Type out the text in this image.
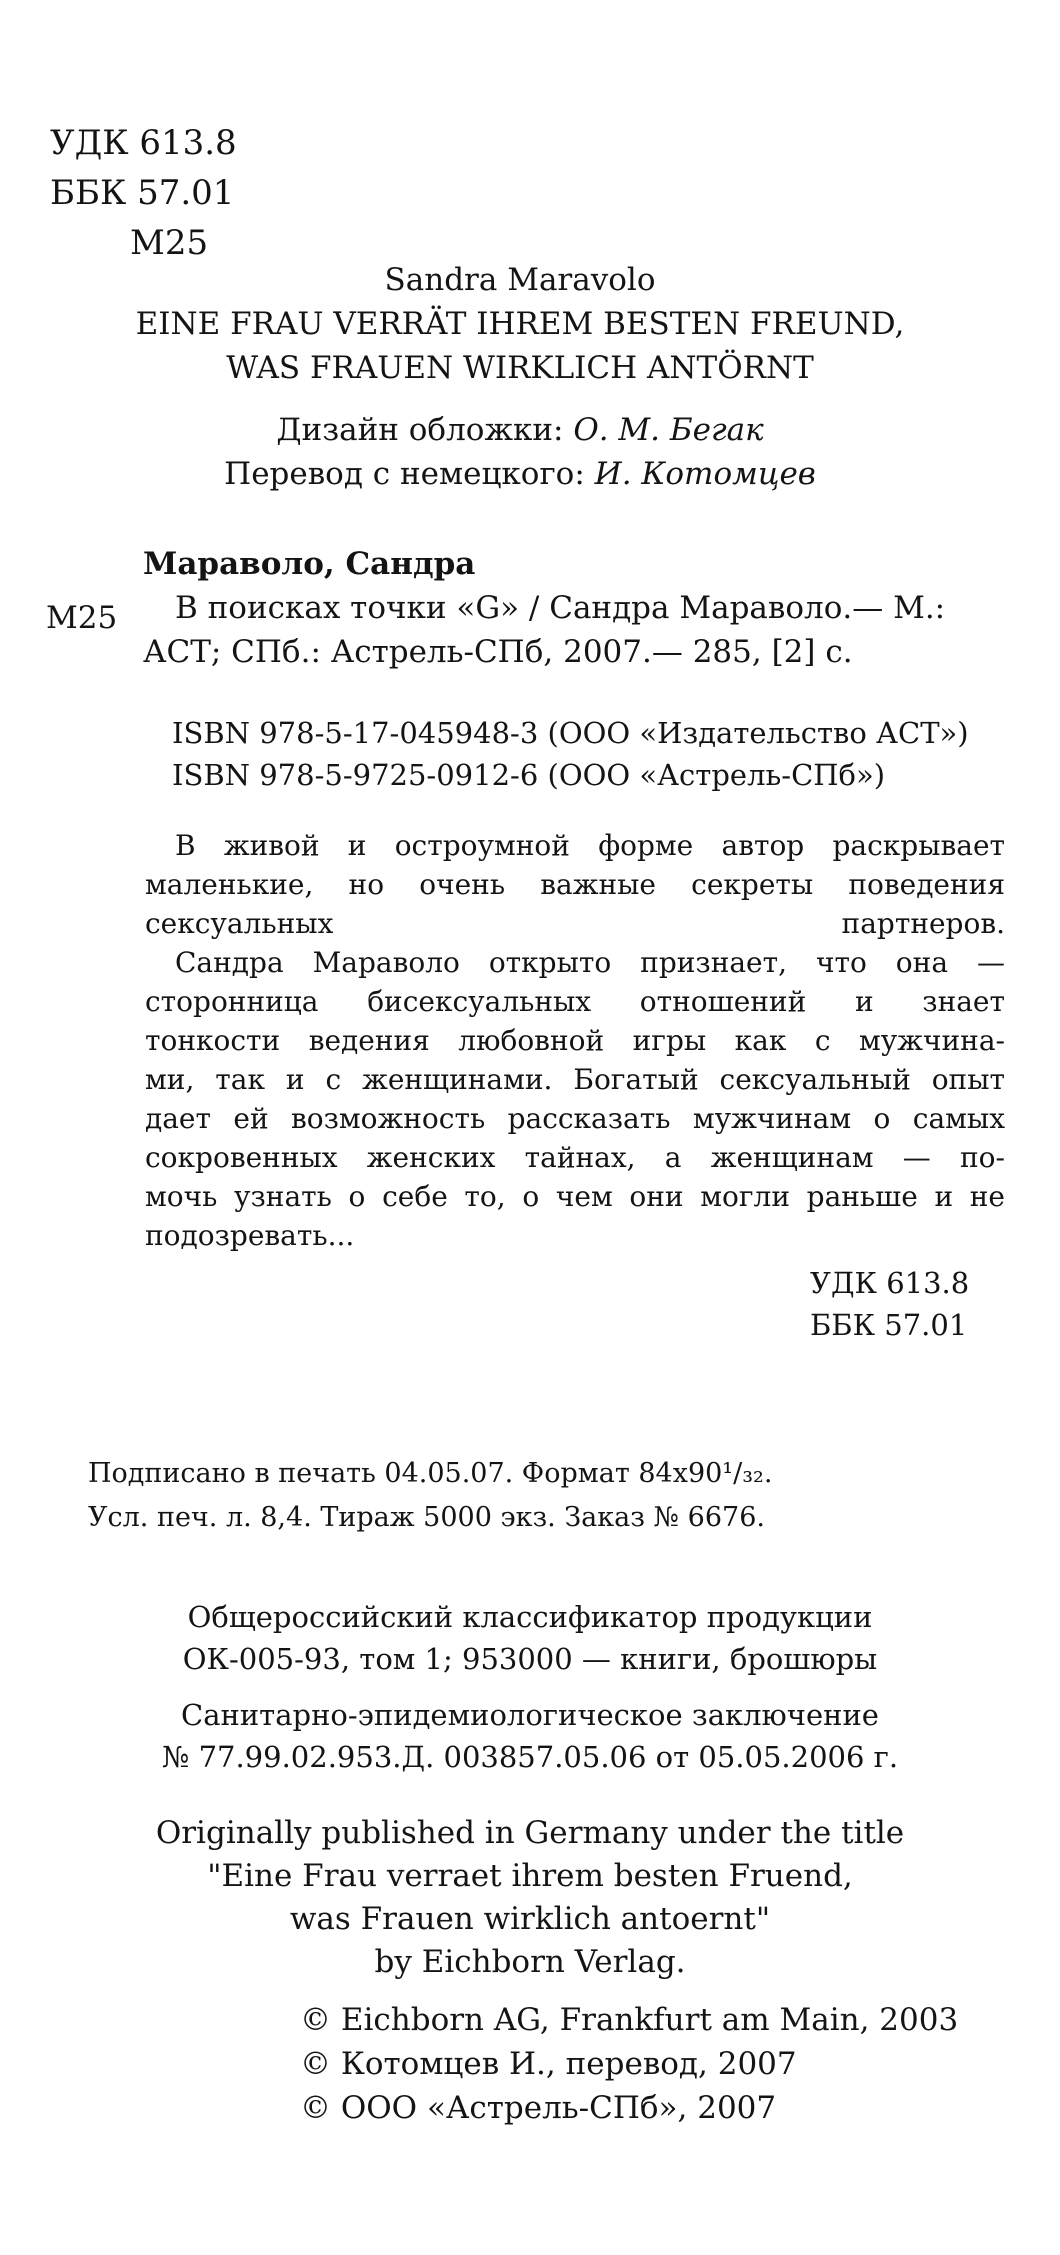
УДК 613.8
ББК 57.01
M25
Sandra Maravolo
EINE FRAU VERRÄT IHREM BESTEN FREUND,
WAS FRAUEN WIRKLICH ANTÖRNT
Дизайн обложки: О. М. Бегак
Перевод с немецкого: И. Котомцев
Мараволо, Сандра
M25	В поисках точки «G» / Сандра Мараволо.— М.:
АСТ; СПб.: Астрель-СПб, 2007.— 285, [2] с.
ISBN 978-5-17-045948-3 (ООО «Издательство АСТ»)
ISBN 978-5-9725-0912-6 (ООО «Астрель-СПб»)
В живой и остроумной форме автор раскрывает
маленькие, но очень важные секреты поведения
сексуальных партнеров.
Сандра Мараволо открыто признает, что она —
сторонница бисексуальных отношений и знает
тонкости ведения любовной игры как с мужчина-
ми, так и с женщинами. Богатый сексуальный опыт
дает ей возможность рассказать мужчинам о самых
сокровенных женских тайнах, а женщинам — по-
мочь узнать о себе то, о чем они могли раньше и не
подозревать...
УДК 613.8
ББК 57.01
Подписано в печать 04.05.07. Формат 84x90¹/₃₂.
Усл. печ. л. 8,4. Тираж 5000 экз. Заказ № 6676.
Общероссийский классификатор продукции
ОК-005-93, том 1; 953000 — книги, брошюры
Санитарно-эпидемиологическое заключение
№ 77.99.02.953.Д. 003857.05.06 от 05.05.2006 г.
Originally published in Germany under the title
"Eine Frau verraet ihrem besten Fruend,
was Frauen wirklich antoernt"
by Eichborn Verlag.
© Eichborn AG, Frankfurt am Main, 2003
© Котомцев И., перевод, 2007
© ООО «Астрель-СПб», 2007
